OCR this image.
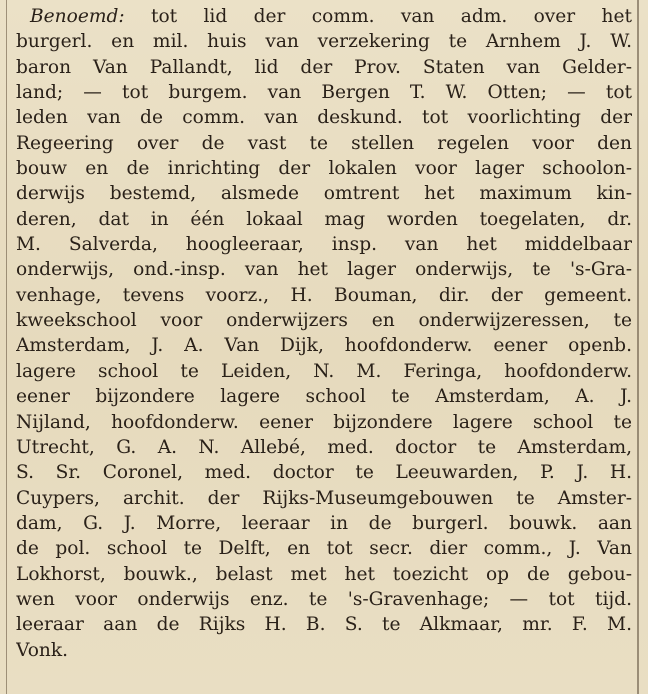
Benoemd: tot lid der comm. van adm. over het
burgerl. en mil. huis van verzekering te Arnhem J. W.
baron Van Pallandt, lid der Prov. Staten van Gelder-
land; — tot burgem. van Bergen T. W. Otten; — tot
leden van de comm. van deskund. tot voorlichting der
Regeering over de vast te stellen regelen voor den
bouw en de inrichting der lokalen voor lager schoolon-
derwijs bestemd, alsmede omtrent het maximum kin-
deren, dat in één lokaal mag worden toegelaten, dr.
M. Salverda, hoogleeraar, insp. van het middelbaar
onderwijs, ond.-insp. van het lager onderwijs, te 's-Gra-
venhage, tevens voorz., H. Bouman, dir. der gemeent.
kweekschool voor onderwijzers en onderwijzeressen, te
Amsterdam, J. A. Van Dijk, hoofdonderw. eener openb.
lagere school te Leiden, N. M. Feringa, hoofdonderw.
eener bijzondere lagere school te Amsterdam, A. J.
Nijland, hoofdonderw. eener bijzondere lagere school te
Utrecht, G. A. N. Allebé, med. doctor te Amsterdam,
S. Sr. Coronel, med. doctor te Leeuwarden, P. J. H.
Cuypers, archit. der Rijks-Museumgebouwen te Amster-
dam, G. J. Morre, leeraar in de burgerl. bouwk. aan
de pol. school te Delft, en tot secr. dier comm., J. Van
Lokhorst, bouwk., belast met het toezicht op de gebou-
wen voor onderwijs enz. te 's-Gravenhage; — tot tijd.
leeraar aan de Rijks H. B. S. te Alkmaar, mr. F. M.
Vonk.
